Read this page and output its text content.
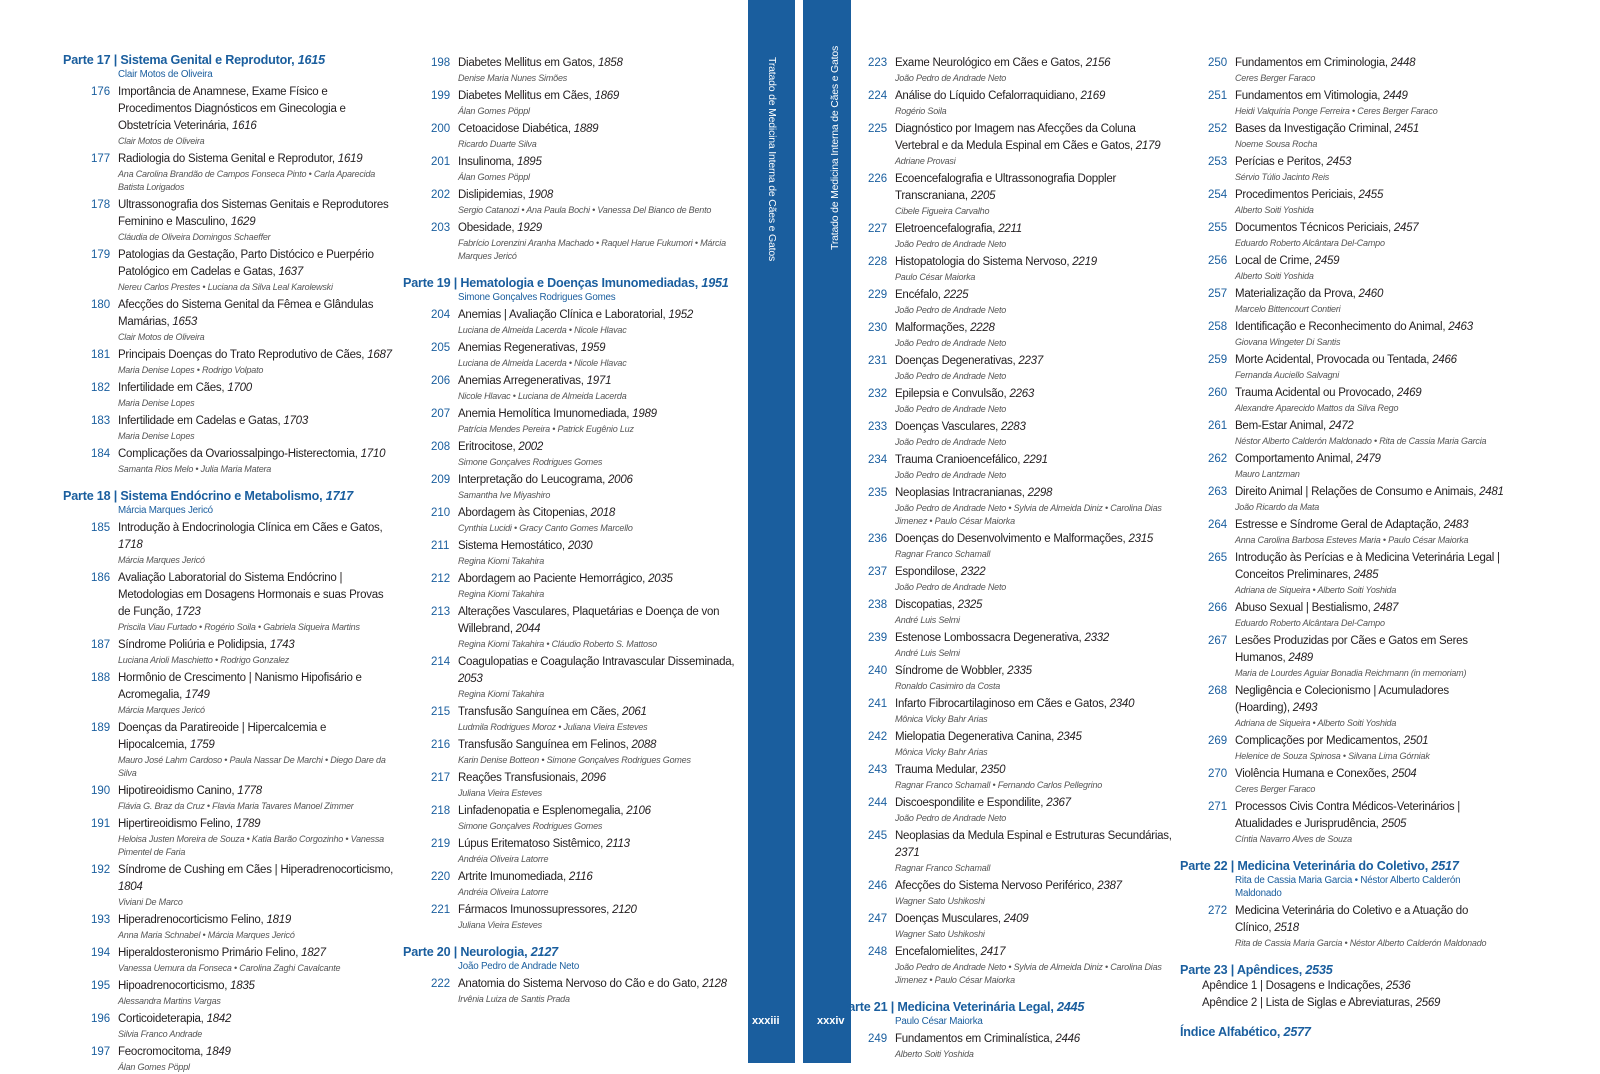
Parte 17 | Sistema Genital e Reprodutor, 1615
Clair Motos de Oliveira
176 Importância de Anamnese, Exame Físico e Procedimentos Diagnósticos em Ginecologia e Obstetrícia Veterinária, 1616
Clair Motos de Oliveira
177 Radiologia do Sistema Genital e Reprodutor, 1619
Ana Carolina Brandão de Campos Fonseca Pinto • Carla Aparecida Batista Lorigados
178 Ultrassonografia dos Sistemas Genitais e Reprodutores Feminino e Masculino, 1629
Cláudia de Oliveira Domingos Schaeffer
179 Patologias da Gestação, Parto Distócico e Puerpério Patológico em Cadelas e Gatas, 1637
Nereu Carlos Prestes • Luciana da Silva Leal Karolewski
180 Afecções do Sistema Genital da Fêmea e Glândulas Mamárias, 1653
Clair Motos de Oliveira
181 Principais Doenças do Trato Reprodutivo de Cães, 1687
Maria Denise Lopes • Rodrigo Volpato
182 Infertilidade em Cães, 1700
Maria Denise Lopes
183 Infertilidade em Cadelas e Gatas, 1703
Maria Denise Lopes
184 Complicações da Ovariossalpingo-Histerectomia, 1710
Samanta Rios Melo • Julia Maria Matera
Parte 18 | Sistema Endócrino e Metabolismo, 1717
Márcia Marques Jericó
185 Introdução à Endocrinologia Clínica em Cães e Gatos, 1718
Márcia Marques Jericó
186 Avaliação Laboratorial do Sistema Endócrino | Metodologias em Dosagens Hormonais e suas Provas de Função, 1723
Priscila Viau Furtado • Rogério Soila • Gabriela Siqueira Martins
187 Síndrome Poliúria e Polidipsia, 1743
Luciana Arioli Maschietto • Rodrigo Gonzalez
188 Hormônio de Crescimento | Nanismo Hipofisário e Acromegalia, 1749
Márcia Marques Jericó
189 Doenças da Paratireoide | Hipercalcemia e Hipocalcemia, 1759
Mauro José Lahm Cardoso • Paula Nassar De Marchi • Diego Dare da Silva
190 Hipotireoidismo Canino, 1778
Flávia G. Braz da Cruz • Flavia Maria Tavares Manoel Zimmer
191 Hipertireoidismo Felino, 1789
Heloisa Justen Moreira de Souza • Katia Barão Corgozinho • Vanessa Pimentel de Faria
192 Síndrome de Cushing em Cães | Hiperadrenocorticismo, 1804
Viviani De Marco
193 Hiperadrenocorticismo Felino, 1819
Anna Maria Schnabel • Márcia Marques Jericó
194 Hiperaldosteronismo Primário Felino, 1827
Vanessa Uemura da Fonseca • Carolina Zaghi Cavalcante
195 Hipoadrenocorticismo, 1835
Alessandra Martins Vargas
196 Corticoideterapia, 1842
Silvia Franco Andrade
197 Feocromocitoma, 1849
Álan Gomes Pöppl
198 Diabetes Mellitus em Gatos, 1858
Denise Maria Nunes Simões
199 Diabetes Mellitus em Cães, 1869
Álan Gomes Pöppl
200 Cetoacidose Diabética, 1889
Ricardo Duarte Silva
201 Insulinoma, 1895
Álan Gomes Pöppl
202 Dislipidemias, 1908
Sergio Catanozi • Ana Paula Bochi • Vanessa Del Bianco de Bento
203 Obesidade, 1929
Fabrício Lorenzini Aranha Machado • Raquel Harue Fukumori • Márcia Marques Jericó
Parte 19 | Hematologia e Doenças Imunomediadas, 1951
Simone Gonçalves Rodrigues Gomes
204 Anemias | Avaliação Clínica e Laboratorial, 1952
Luciana de Almeida Lacerda • Nicole Hlavac
205 Anemias Regenerativas, 1959
Luciana de Almeida Lacerda • Nicole Hlavac
206 Anemias Arregenerativas, 1971
Nicole Hlavac • Luciana de Almeida Lacerda
207 Anemia Hemolítica Imunomediada, 1989
Patrícia Mendes Pereira • Patrick Eugênio Luz
208 Eritrocitose, 2002
Simone Gonçalves Rodrigues Gomes
209 Interpretação do Leucograma, 2006
Samantha Ive Miyashiro
210 Abordagem às Citopenias, 2018
Cynthia Lucidi • Gracy Canto Gomes Marcello
211 Sistema Hemostático, 2030
Regina Kiomi Takahira
212 Abordagem ao Paciente Hemorrágico, 2035
Regina Kiomi Takahira
213 Alterações Vasculares, Plaquetárias e Doença de von Willebrand, 2044
Regina Kiomi Takahira • Cláudio Roberto S. Mattoso
214 Coagulopatias e Coagulação Intravascular Disseminada, 2053
Regina Kiomi Takahira
215 Transfusão Sanguínea em Cães, 2061
Ludmila Rodrigues Moroz • Juliana Vieira Esteves
216 Transfusão Sanguínea em Felinos, 2088
Karin Denise Botteon • Simone Gonçalves Rodrigues Gomes
217 Reações Transfusionais, 2096
Juliana Vieira Esteves
218 Linfadenopatia e Esplenomegalia, 2106
Simone Gonçalves Rodrigues Gomes
219 Lúpus Eritematoso Sistêmico, 2113
Andréia Oliveira Latorre
220 Artrite Imunomediada, 2116
Andréia Oliveira Latorre
221 Fármacos Imunossupressores, 2120
Juliana Vieira Esteves
Parte 20 | Neurologia, 2127
João Pedro de Andrade Neto
222 Anatomia do Sistema Nervoso do Cão e do Gato, 2128
Irvênia Luiza de Santis Prada
Tratado de Medicina Interna de Cães e Gatos
xxxiii
Tratado de Medicina Interna de Cães e Gatos
xxxiv
223 Exame Neurológico em Cães e Gatos, 2156
João Pedro de Andrade Neto
224 Análise do Líquido Cefalorraquidiano, 2169
Rogério Soila
225 Diagnóstico por Imagem nas Afecções da Coluna Vertebral e da Medula Espinal em Cães e Gatos, 2179
Adriane Provasi
226 Ecoencefalografia e Ultrassonografia Doppler Transcraniana, 2205
Cibele Figueira Carvalho
227 Eletroencefalografia, 2211
João Pedro de Andrade Neto
228 Histopatologia do Sistema Nervoso, 2219
Paulo César Maiorka
229 Encéfalo, 2225
João Pedro de Andrade Neto
230 Malformações, 2228
João Pedro de Andrade Neto
231 Doenças Degenerativas, 2237
João Pedro de Andrade Neto
232 Epilepsia e Convulsão, 2263
João Pedro de Andrade Neto
233 Doenças Vasculares, 2283
João Pedro de Andrade Neto
234 Trauma Cranioencefálico, 2291
João Pedro de Andrade Neto
235 Neoplasias Intracranianas, 2298
João Pedro de Andrade Neto • Sylvia de Almeida Diniz • Carolina Dias Jimenez • Paulo César Maiorka
236 Doenças do Desenvolvimento e Malformações, 2315
Ragnar Franco Schamall
237 Espondilose, 2322
João Pedro de Andrade Neto
238 Discopatias, 2325
André Luis Selmi
239 Estenose Lombossacra Degenerativa, 2332
André Luis Selmi
240 Síndrome de Wobbler, 2335
Ronaldo Casimiro da Costa
241 Infarto Fibrocartilaginoso em Cães e Gatos, 2340
Mônica Vicky Bahr Arias
242 Mielopatia Degenerativa Canina, 2345
Mônica Vicky Bahr Arias
243 Trauma Medular, 2350
Ragnar Franco Schamall • Fernando Carlos Pellegrino
244 Discoespondilite e Espondilite, 2367
João Pedro de Andrade Neto
245 Neoplasias da Medula Espinal e Estruturas Secundárias, 2371
Ragnar Franco Schamall
246 Afecções do Sistema Nervoso Periférico, 2387
Wagner Sato Ushikoshi
247 Doenças Musculares, 2409
Wagner Sato Ushikoshi
248 Encefalomielites, 2417
João Pedro de Andrade Neto • Sylvia de Almeida Diniz • Carolina Dias Jimenez • Paulo César Maiorka
Parte 21 | Medicina Veterinária Legal, 2445
Paulo César Maiorka
249 Fundamentos em Criminalística, 2446
Alberto Soiti Yoshida
250 Fundamentos em Criminologia, 2448
Ceres Berger Faraco
251 Fundamentos em Vitimologia, 2449
Heidi Valquíria Ponge Ferreira • Ceres Berger Faraco
252 Bases da Investigação Criminal, 2451
Noeme Sousa Rocha
253 Perícias e Peritos, 2453
Sérvio Túlio Jacinto Reis
254 Procedimentos Periciais, 2455
Alberto Soiti Yoshida
255 Documentos Técnicos Periciais, 2457
Eduardo Roberto Alcântara Del-Campo
256 Local de Crime, 2459
Alberto Soiti Yoshida
257 Materialização da Prova, 2460
Marcelo Bittencourt Contieri
258 Identificação e Reconhecimento do Animal, 2463
Giovana Wingeter Di Santis
259 Morte Acidental, Provocada ou Tentada, 2466
Fernanda Auciello Salvagni
260 Trauma Acidental ou Provocado, 2469
Alexandre Aparecido Mattos da Silva Rego
261 Bem-Estar Animal, 2472
Néstor Alberto Calderón Maldonado • Rita de Cassia Maria Garcia
262 Comportamento Animal, 2479
Mauro Lantzman
263 Direito Animal | Relações de Consumo e Animais, 2481
João Ricardo da Mata
264 Estresse e Síndrome Geral de Adaptação, 2483
Anna Carolina Barbosa Esteves Maria • Paulo César Maiorka
265 Introdução às Perícias e à Medicina Veterinária Legal | Conceitos Preliminares, 2485
Adriana de Siqueira • Alberto Soiti Yoshida
266 Abuso Sexual | Bestialismo, 2487
Eduardo Roberto Alcântara Del-Campo
267 Lesões Produzidas por Cães e Gatos em Seres Humanos, 2489
Maria de Lourdes Aguiar Bonadia Reichmann (in memoriam)
268 Negligência e Colecionismo | Acumuladores (Hoarding), 2493
Adriana de Siqueira • Alberto Soiti Yoshida
269 Complicações por Medicamentos, 2501
Helenice de Souza Spinosa • Silvana Lima Górniak
270 Violência Humana e Conexões, 2504
Ceres Berger Faraco
271 Processos Civis Contra Médicos-Veterinários | Atualidades e Jurisprudência, 2505
Cíntia Navarro Alves de Souza
Parte 22 | Medicina Veterinária do Coletivo, 2517
Rita de Cassia Maria Garcia • Néstor Alberto Calderón Maldonado
272 Medicina Veterinária do Coletivo e a Atuação do Clínico, 2518
Rita de Cassia Maria Garcia • Néstor Alberto Calderón Maldonado
Parte 23 | Apêndices, 2535
Apêndice 1 | Dosagens e Indicações, 2536
Apêndice 2 | Lista de Siglas e Abreviaturas, 2569
Índice Alfabético, 2577
